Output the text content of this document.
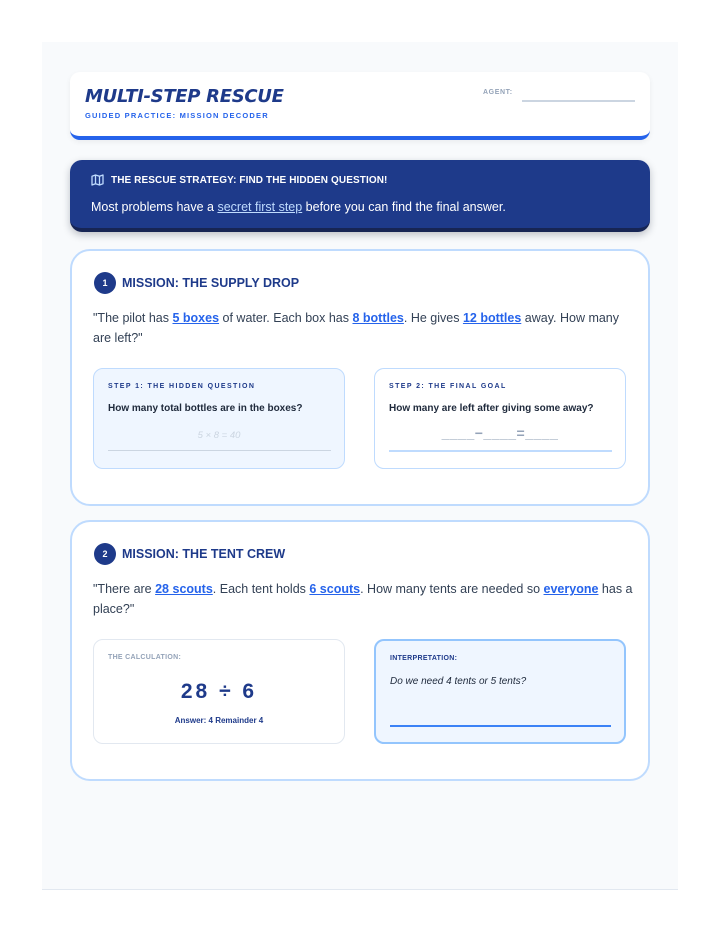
MULTI-STEP RESCUE
GUIDED PRACTICE: MISSION DECODER
AGENT:
THE RESCUE STRATEGY: FIND THE HIDDEN QUESTION!
Most problems have a secret first step before you can find the final answer.
1	MISSION: THE SUPPLY DROP
"The pilot has 5 boxes of water. Each box has 8 bottles. He gives 12 bottles away. How many are left?"
STEP 1: THE HIDDEN QUESTION
How many total bottles are in the boxes?
5 × 8 = 40
STEP 2: THE FINAL GOAL
How many are left after giving some away?
____−____=____
2	MISSION: THE TENT CREW
"There are 28 scouts. Each tent holds 6 scouts. How many tents are needed so everyone has a place?"
THE CALCULATION:
28 ÷ 6
Answer: 4 Remainder 4
INTERPRETATION:
Do we need 4 tents or 5 tents?
